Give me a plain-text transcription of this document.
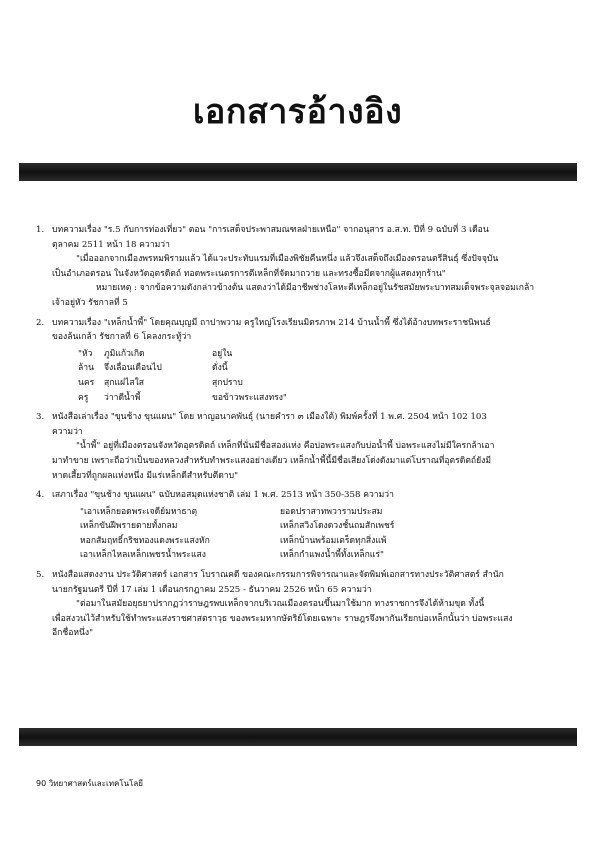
เอกสารอ้างอิง
1. บทความเรื่อง "ร.5 กับการท่องเที่ยว" ตอน "การเสด็จประพาสมณฑลฝ่ายเหนือ" จากอนุสาร อ.ส.ท. ปีที่ 9 ฉบับที่ 3 เดือน

ตุลาคม 2511 หน้า 18 ความว่า

"เมื่อออกจากเมืองพรหมพิรามแล้ว ได้แวะประทับแรมที่เมืองพิชัยคืนหนึ่ง แล้วจึงเสด็จถึงเมืองตรอนตรีสินธุ์ ซึ่งปัจจุบัน

เป็นอำเภอตรอน ในจังหวัดอุตรดิตถ์ ทอดพระเนตรการตีเหล็กที่จัดมาถวาย และทรงซื้อมีดจากผู้แสดงทุกร้าน"

หมายเหตุ : จากข้อความดังกล่าวข้างต้น แสดงว่าได้มีอาชีพช่างโลหะตีเหล็กอยู่ในรัชสมัยพระบาทสมเด็จพระจุลจอมเกล้า

เจ้าอยู่หัว รัชกาลที่ 5

2. บทความเรื่อง "เหล็กน้ำพี้" โดยคุณบุญมี ถาปาพวาม ครูใหญ่โรงเรียนมิตรภาพ 214 บ้านน้ำพี้ ซึ่งได้อ้างบทพระราชนิพนธ์

ของล้นเกล้า รัชกาลที่ 6 โคลงกระทู้ว่า

"หัว	ภูมิแก้วเกิด	อยู่ใน
ล้าน	จึ่งเลื่อนเดือนไป	ดั่งนี้
นคร	สุกแฝไสใส	สุกปราบ
ครู	ว่าาดีน้ำพี้	ขอข้าวพระแสงทรง"
3. หนังสือเล่าเรื่อง "ขุนช้าง ขุนแผน" โดย หาญอนาคพันธุ์ (นายคำรา ๓ เมืองใต้) พิมพ์ครั้งที่ 1 พ.ศ. 2504 หน้า 102 103

ความว่า

"น้ำพี้" อยู่ที่เมืองตรอนจังหวัดอุตรดิตถ์ เหล็กที่นั่นมีชื่อสองแห่ง คือบ่อพระแสงกับบ่อน้ำพี้ บ่อพระแสงไม่มีใครกล้าเอา

มาทำขาย เพราะถือว่าเป็นของหลวงสำหรับทำพระแสงอย่างเดียว เหล็กน้ำพี้นี้มีชื่อเสียงโด่งดังมาแต่โบราณที่อุตรดิตถ์ยังมี

หาดเสี้ยวที่ถูกผลแห่งหนึ่ง มีแร่เหล็กดีสำหรับตีดาบ"

4. เสภาเรื่อง "ขุนช้าง ขุนแผน" ฉบับหอสมุดแห่งชาติ เล่ม 1 พ.ศ. 2513 หน้า 350-358 ความว่า

"เอาเหล็กยอดพระเจดีย์มหาธาตุ	ยอดปราสาทพวารามประสม
เหล็กขันฝีพรายตายทั้งกลม	เหล็กสวิงโดงดวงชั้นถมสักเพชร์
หอกสัมฤทธิ์กริชทองแดงพระแสงหัก	เหล็กบ้านพร้อมเตร็ดทุกสิ่งแพ้
เอาเหล็กไหลเหล็กเพชรน้ำพระแสง	เหล็กกำแพงน้ำพี้ทั้งเหล็กแร่"
5. หนังสือแสดงงาน ประวัติศาสตร์ เอกสาร โบราณคดี ของคณะกรรมการพิจารณาและจัดพิมพ์เอกสารทางประวัติศาสตร์ สำนัก

นายกรัฐมนตรี ปีที่ 17 เล่ม 1 เดือนกรกฎาคม 2525 - ธันวาคม 2526 หน้า 65 ความว่า

"ต่อมาในสมัยอยุธยาปรากฏว่าราษฎรพบเหล็กจากบริเวณเมืองตรอนขึ้นมาใช้มาก ทางราชการจึงได้ห้ามขุด ทั้งนี้

เพื่อสงวนไว้สำหรับใช้ทำพระแสงราชศาสตราวุธ ของพระมหากษัตริย์โดยเฉพาะ ราษฎรจึงพากันเรียกบ่อเหล็กนั้นว่า บ่อพระแสง

อีกชื่อหนึ่ง"

90 วิทยาศาสตร์และเทคโนโลยี
